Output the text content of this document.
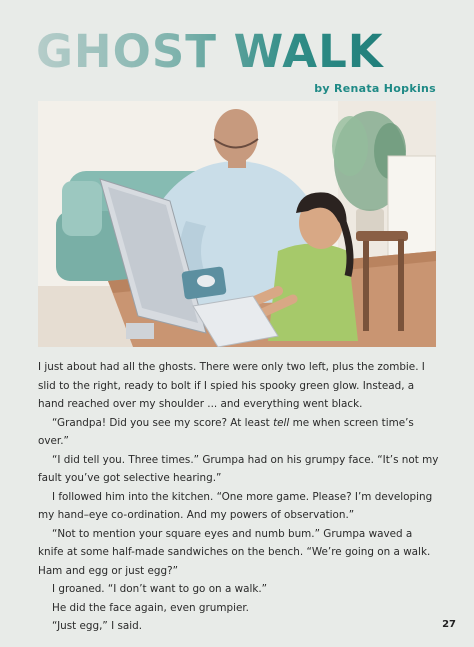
GHOST WALK
by Renata Hopkins

I just about had all the ghosts. There were only two left, plus the zombie. I slid to the right, ready to bolt if I spied his spooky green glow. Instead, a hand reached over my shoulder ... and everything went black.

“Grandpa! Did you see my score? At least tell me when screen time’s over.”

“I did tell you. Three times.” Grumpa had on his grumpy face. “It’s not my fault you’ve got selective hearing.”

I followed him into the kitchen. “One more game. Please? I’m developing my hand–eye co-ordination. And my powers of observation.”

“Not to mention your square eyes and numb bum.” Grumpa waved a knife at some half-made sandwiches on the bench. “We’re going on a walk. Ham and egg or just egg?”

I groaned. “I don’t want to go on a walk.”

He did the face again, even grumpier.

“Just egg,” I said.	27
